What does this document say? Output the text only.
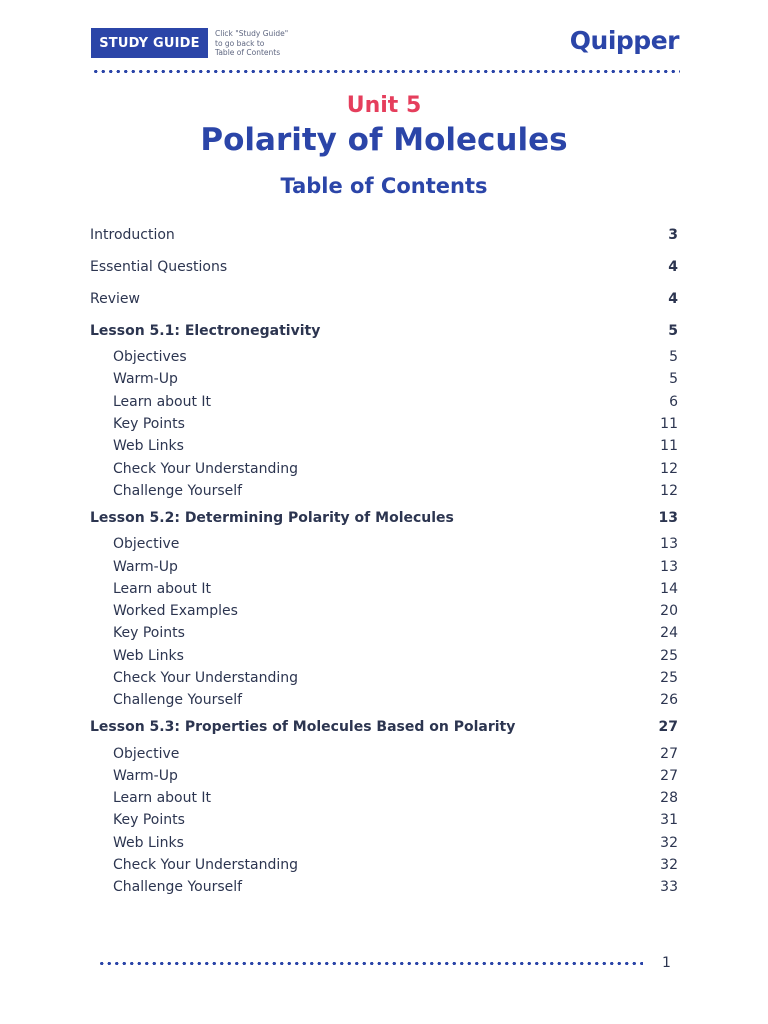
STUDY GUIDE
Click "Study Guide"
to go back to
Table of Contents	Quipper
Unit 5
Polarity of Molecules
Table of Contents
Introduction	3
Essential Questions	4
Review	4
Lesson 5.1: Electronegativity	5
Objectives	5
Warm-Up	5
Learn about It	6
Key Points	11
Web Links	11
Check Your Understanding	12
Challenge Yourself	12
Lesson 5.2: Determining Polarity of Molecules	13
Objective	13
Warm-Up	13
Learn about It	14
Worked Examples	20
Key Points	24
Web Links	25
Check Your Understanding	25
Challenge Yourself	26
Lesson 5.3: Properties of Molecules Based on Polarity	27
Objective	27
Warm-Up	27
Learn about It	28
Key Points	31
Web Links	32
Check Your Understanding	32
Challenge Yourself	33
1
